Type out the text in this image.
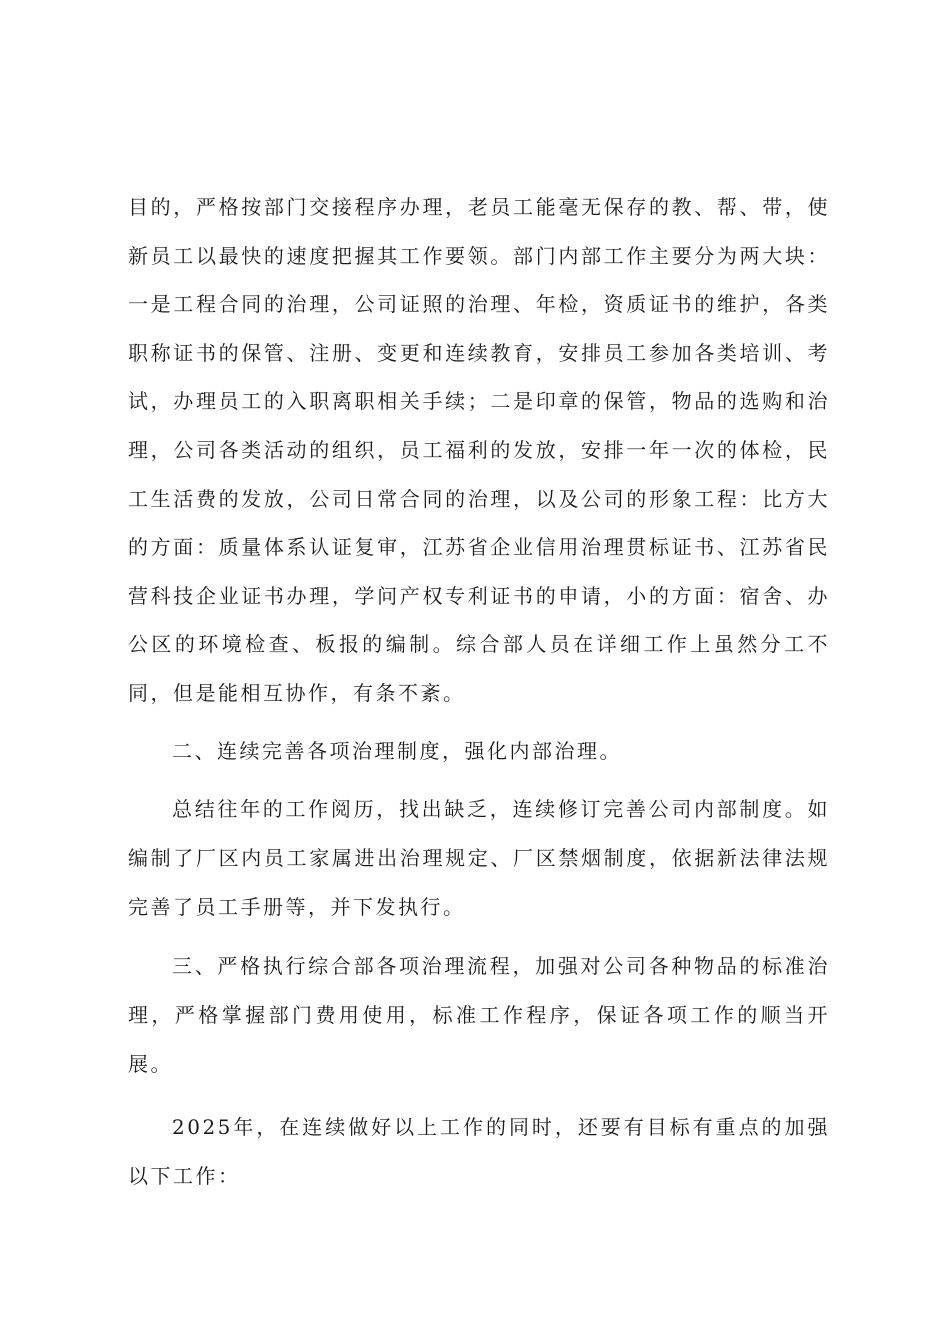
目的，严格按部门交接程序办理，老员工能毫无保存的教、帮、带，使新员工以最快的速度把握其工作要领。部门内部工作主要分为两大块：一是工程合同的治理，公司证照的治理、年检，资质证书的维护，各类职称证书的保管、注册、变更和连续教育，安排员工参加各类培训、考试，办理员工的入职离职相关手续；二是印章的保管，物品的选购和治理，公司各类活动的组织，员工福利的发放，安排一年一次的体检，民工生活费的发放，公司日常合同的治理，以及公司的形象工程：比方大的方面：质量体系认证复审，江苏省企业信用治理贯标证书、江苏省民营科技企业证书办理，学问产权专利证书的申请，小的方面：宿舍、办公区的环境检查、板报的编制。综合部人员在详细工作上虽然分工不同，但是能相互协作，有条不紊。

二、连续完善各项治理制度，强化内部治理。

总结往年的工作阅历，找出缺乏，连续修订完善公司内部制度。如编制了厂区内员工家属进出治理规定、厂区禁烟制度，依据新法律法规完善了员工手册等，并下发执行。

三、严格执行综合部各项治理流程，加强对公司各种物品的标准治理，严格掌握部门费用使用，标准工作程序，保证各项工作的顺当开展。

2025年，在连续做好以上工作的同时，还要有目标有重点的加强以下工作：
